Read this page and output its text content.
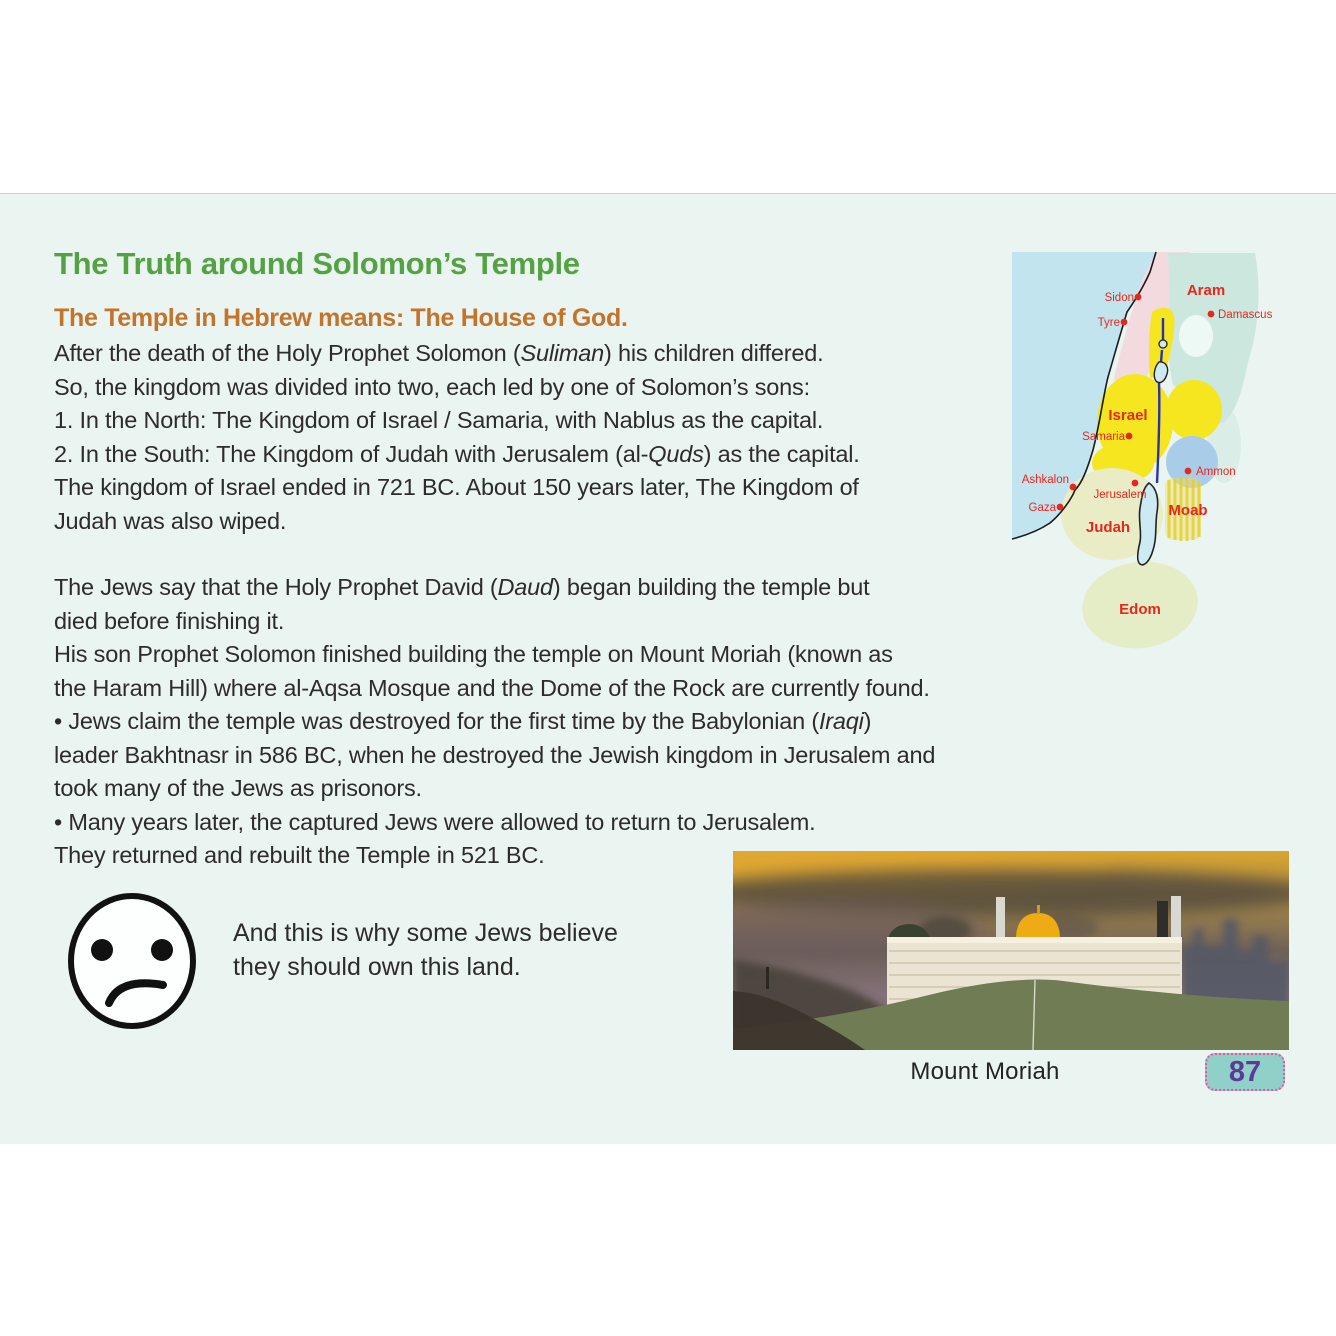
The Truth around Solomon’s Temple
The Temple in Hebrew means: The House of God.
After the death of the Holy Prophet Solomon (Suliman) his children differed.
So, the kingdom was divided into two, each led by one of Solomon’s sons:
1. In the North: The Kingdom of Israel / Samaria, with Nablus as the capital.
2. In the South: The Kingdom of Judah with Jerusalem (al-Quds) as the capital.
The kingdom of Israel ended in 721 BC. About 150 years later, The Kingdom of
Judah was also wiped.
The Jews say that the Holy Prophet David (Daud) began building the temple but
died before finishing it.
His son Prophet Solomon finished building the temple on Mount Moriah (known as
the Haram Hill) where al-Aqsa Mosque and the Dome of the Rock are currently found.
• Jews claim the temple was destroyed for the first time by the Babylonian (Iraqi)
leader Bakhtnasr in 586 BC, when he destroyed the Jewish kingdom in Jerusalem and
took many of the Jews as prisonors.
• Many years later, the captured Jews were allowed to return to Jerusalem.
They returned and rebuilt the Temple in 521 BC.
Sidon
Tyre
Damascus
Samaria
Ashkalon
Gaza
Jerusalem
Ammon
Aram
Israel
Judah
Moab
Edom
And this is why some Jews believe
they should own this land.
Mount Moriah	87
